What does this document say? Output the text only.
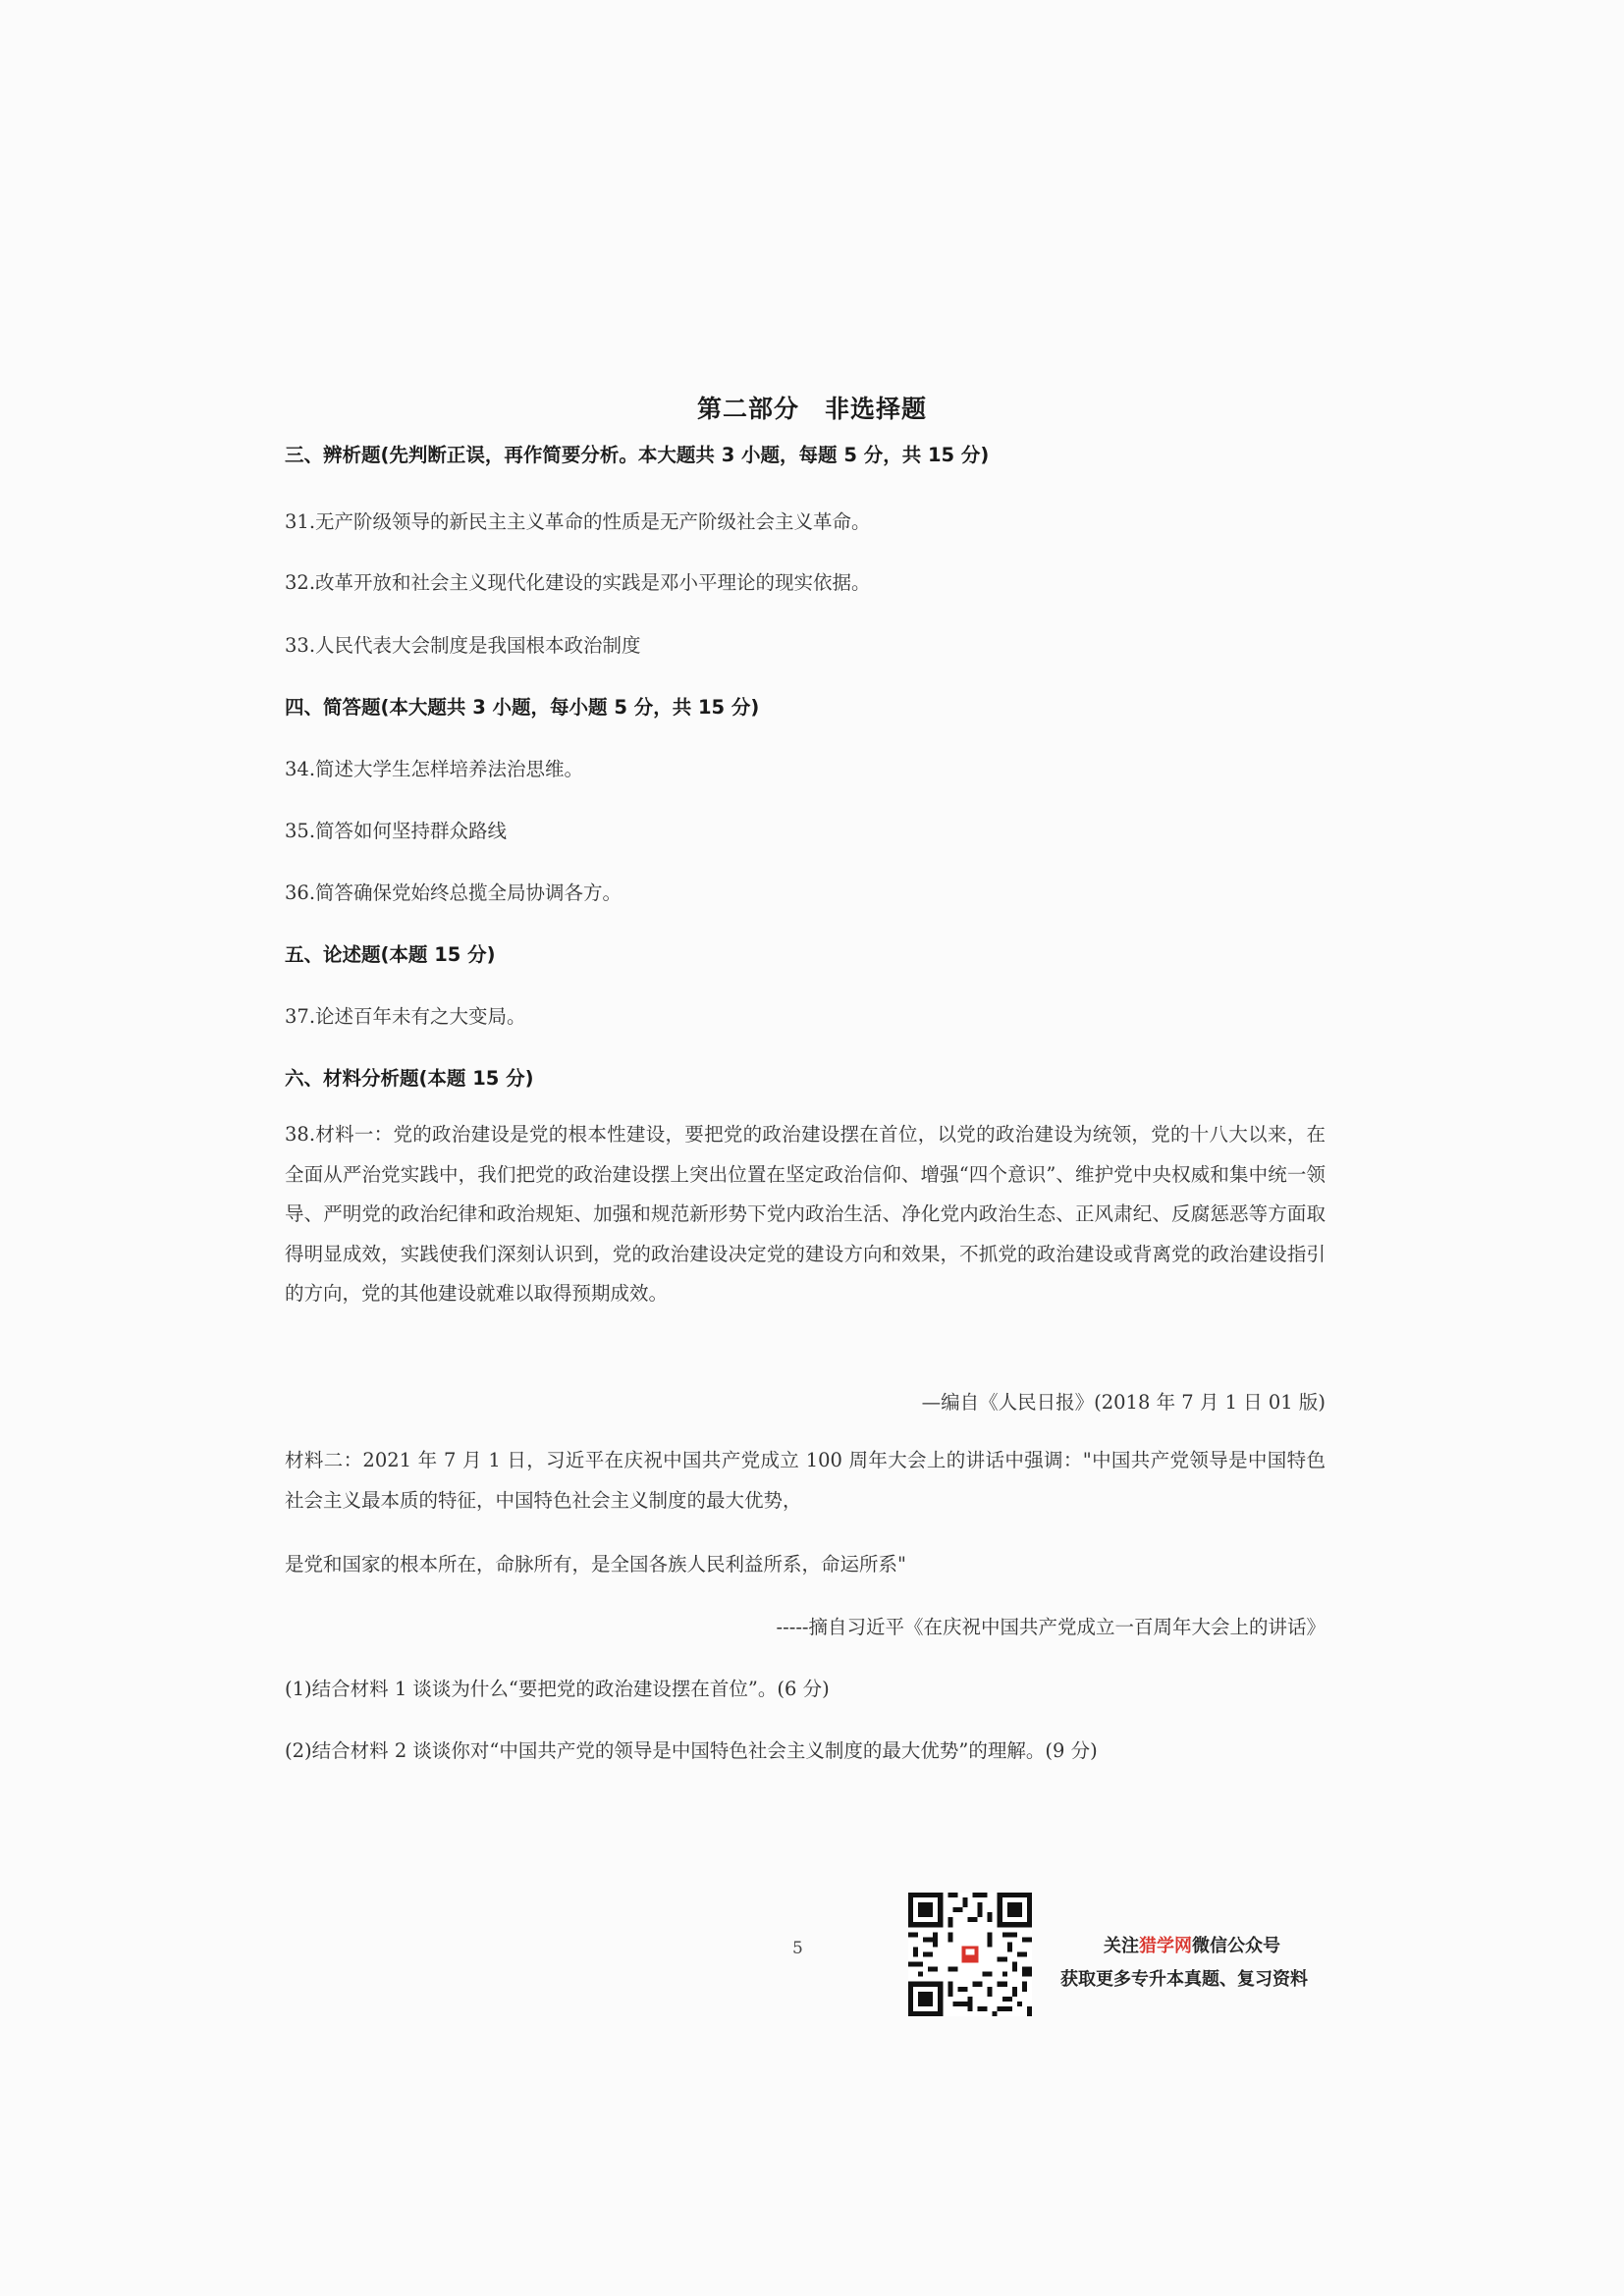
第二部分 非选择题
三、辨析题(先判断正误，再作简要分析。本大题共 3 小题，每题 5 分，共 15 分)
31.无产阶级领导的新民主主义革命的性质是无产阶级社会主义革命。
32.改革开放和社会主义现代化建设的实践是邓小平理论的现实依据。
33.人民代表大会制度是我国根本政治制度
四、简答题(本大题共 3 小题，每小题 5 分，共 15 分)
34.简述大学生怎样培养法治思维。
35.简答如何坚持群众路线
36.简答确保党始终总揽全局协调各方。
五、论述题(本题 15 分)
37.论述百年未有之大变局。
六、材料分析题(本题 15 分)
38.材料一：党的政治建设是党的根本性建设，要把党的政治建设摆在首位，以党的政治建设为统领，党的十八大以来，在全面从严治党实践中，我们把党的政治建设摆上突出位置在坚定政治信仰、增强“四个意识”、维护党中央权威和集中统一领导、严明党的政治纪律和政治规矩、加强和规范新形势下党内政治生活、净化党内政治生态、正风肃纪、反腐惩恶等方面取得明显成效，实践使我们深刻认识到，党的政治建设决定党的建设方向和效果，不抓党的政治建设或背离党的政治建设指引的方向，党的其他建设就难以取得预期成效。
—编自《人民日报》(2018 年 7 月 1 日 01 版)
材料二：2021 年 7 月 1 日，习近平在庆祝中国共产党成立 100 周年大会上的讲话中强调："中国共产党领导是中国特色社会主义最本质的特征，中国特色社会主义制度的最大优势，
是党和国家的根本所在，命脉所有，是全国各族人民利益所系，命运所系"
-----摘自习近平《在庆祝中国共产党成立一百周年大会上的讲话》
(1)结合材料 1 谈谈为什么“要把党的政治建设摆在首位”。(6 分)
(2)结合材料 2 谈谈你对“中国共产党的领导是中国特色社会主义制度的最大优势”的理解。(9 分)
5	关注猎学网微信公众号
获取更多专升本真题、复习资料
